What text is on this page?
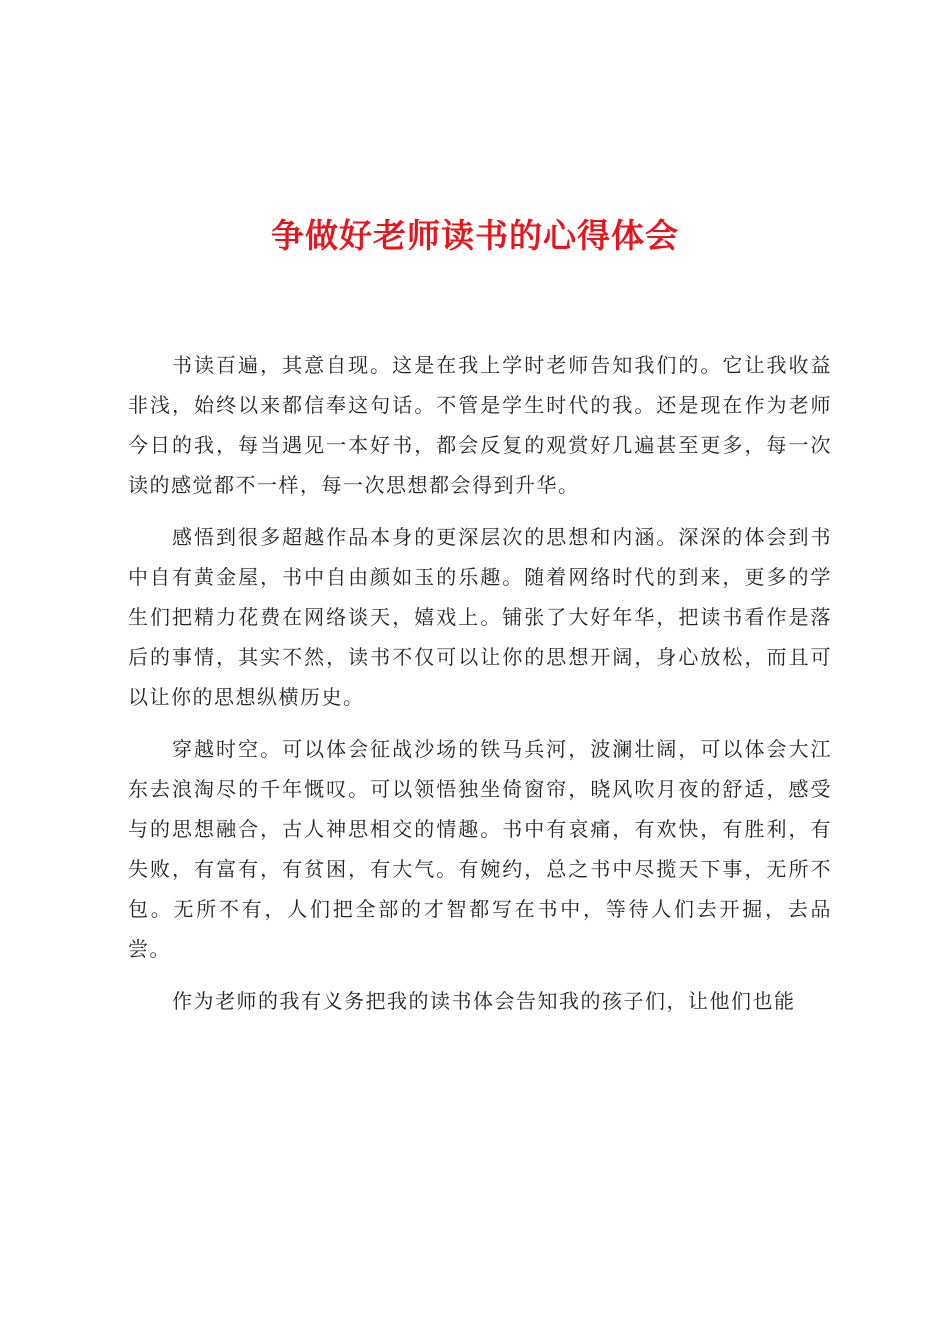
争做好老师读书的心得体会

书读百遍，其意自现。这是在我上学时老师告知我们的。它让我收益非浅，始终以来都信奉这句话。不管是学生时代的我。还是现在作为老师今日的我，每当遇见一本好书，都会反复的观赏好几遍甚至更多，每一次读的感觉都不一样，每一次思想都会得到升华。

感悟到很多超越作品本身的更深层次的思想和内涵。深深的体会到书中自有黄金屋，书中自由颜如玉的乐趣。随着网络时代的到来，更多的学生们把精力花费在网络谈天，嬉戏上。铺张了大好年华，把读书看作是落后的事情，其实不然，读书不仅可以让你的思想开阔，身心放松，而且可以让你的思想纵横历史。

穿越时空。可以体会征战沙场的铁马兵河，波澜壮阔，可以体会大江东去浪淘尽的千年慨叹。可以领悟独坐倚窗帘，晓风吹月夜的舒适，感受与的思想融合，古人神思相交的情趣。书中有哀痛，有欢快，有胜利，有失败，有富有，有贫困，有大气。有婉约，总之书中尽揽天下事，无所不包。无所不有，人们把全部的才智都写在书中，等待人们去开掘，去品尝。

作为老师的我有义务把我的读书体会告知我的孩子们，让他们也能
